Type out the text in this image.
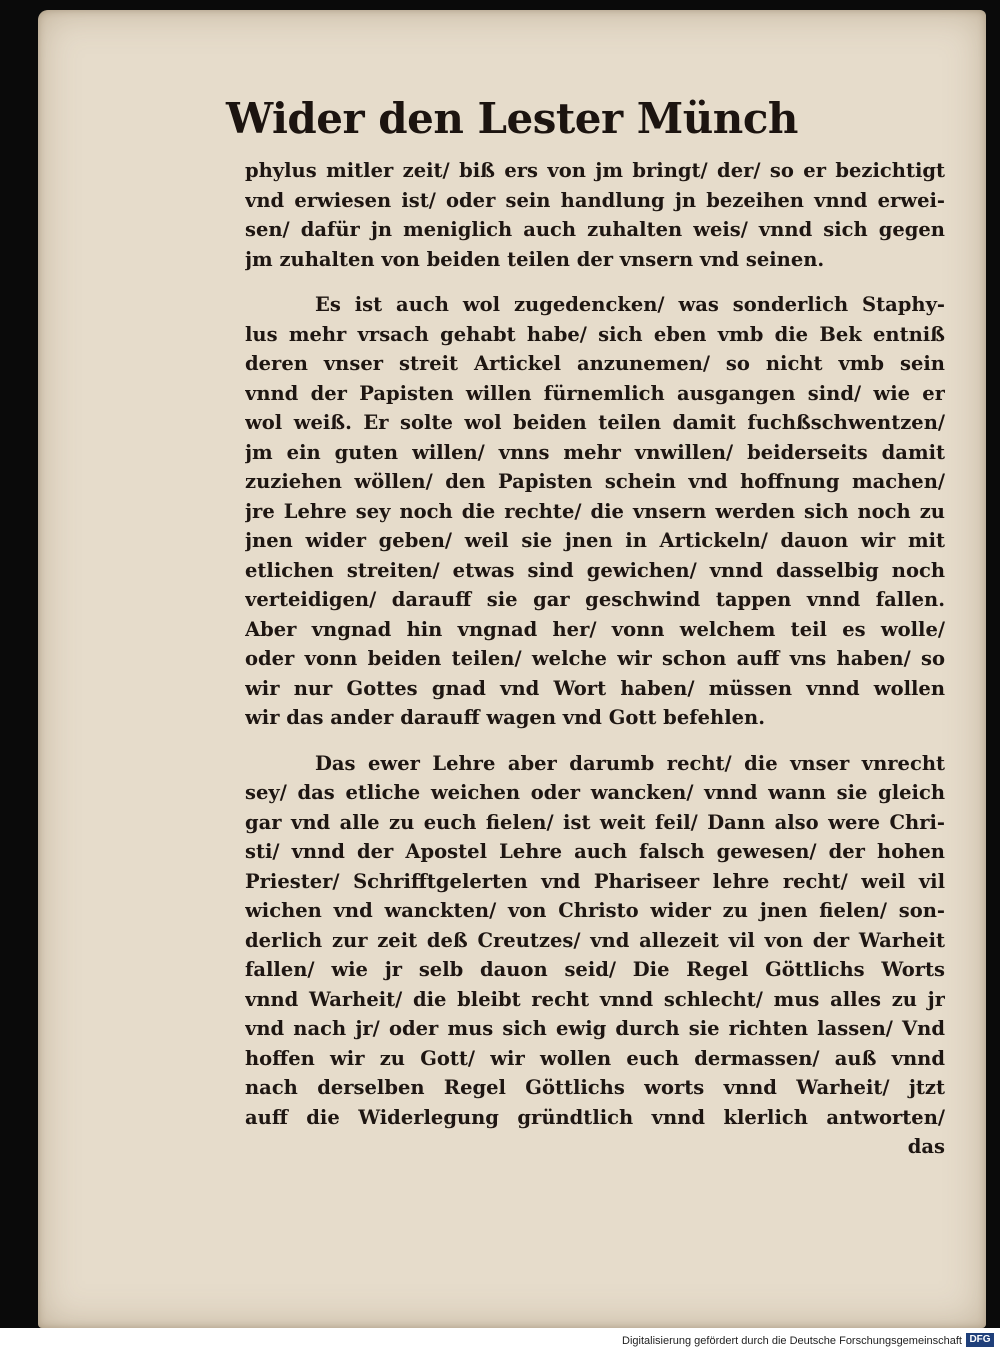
Wider den Lester Münch
phylus mitler zeit/ biß ers von jm bringt/ der/ so er bezichtigt
vnd erwiesen ist/ oder sein handlung jn bezeihen vnnd erwei-
sen/ dafür jn meniglich auch zuhalten weis/ vnnd sich gegen
jm zuhalten von beiden teilen der vnsern vnd seinen.
Es ist auch wol zugedencken/ was sonderlich Staphy-
lus mehr vrsach gehabt habe/ sich eben vmb die Bek entniß
deren vnser streit Artickel anzunemen/ so nicht vmb sein
vnnd der Papisten willen fürnemlich ausgangen sind/ wie er
wol weiß. Er solte wol beiden teilen damit fuchßschwentzen/
jm ein guten willen/ vnns mehr vnwillen/ beiderseits damit
zuziehen wöllen/ den Papisten schein vnd hoffnung machen/
jre Lehre sey noch die rechte/ die vnsern werden sich noch zu
jnen wider geben/ weil sie jnen in Artickeln/ dauon wir mit
etlichen streiten/ etwas sind gewichen/ vnnd dasselbig noch
verteidigen/ darauff sie gar geschwind tappen vnnd fallen.
Aber vngnad hin vngnad her/ vonn welchem teil es wolle/
oder vonn beiden teilen/ welche wir schon auff vns haben/ so
wir nur Gottes gnad vnd Wort haben/ müssen vnnd wollen
wir das ander darauff wagen vnd Gott befehlen.
Das ewer Lehre aber darumb recht/ die vnser vnrecht
sey/ das etliche weichen oder wancken/ vnnd wann sie gleich
gar vnd alle zu euch fielen/ ist weit feil/ Dann also were Chri-
sti/ vnnd der Apostel Lehre auch falsch gewesen/ der hohen
Priester/ Schrifftgelerten vnd Phariseer lehre recht/ weil vil
wichen vnd wanckten/ von Christo wider zu jnen fielen/ son-
derlich zur zeit deß Creutzes/ vnd allezeit vil von der Warheit
fallen/ wie jr selb dauon seid/ Die Regel Göttlichs Worts
vnnd Warheit/ die bleibt recht vnnd schlecht/ mus alles zu jr
vnd nach jr/ oder mus sich ewig durch sie richten lassen/ Vnd
hoffen wir zu Gott/ wir wollen euch dermassen/ auß vnnd
nach derselben Regel Göttlichs worts vnnd Warheit/ jtzt
auff die Widerlegung gründtlich vnnd klerlich antworten/
das
Digitalisierung gefördert durch die Deutsche Forschungsgemeinschaft DFG
